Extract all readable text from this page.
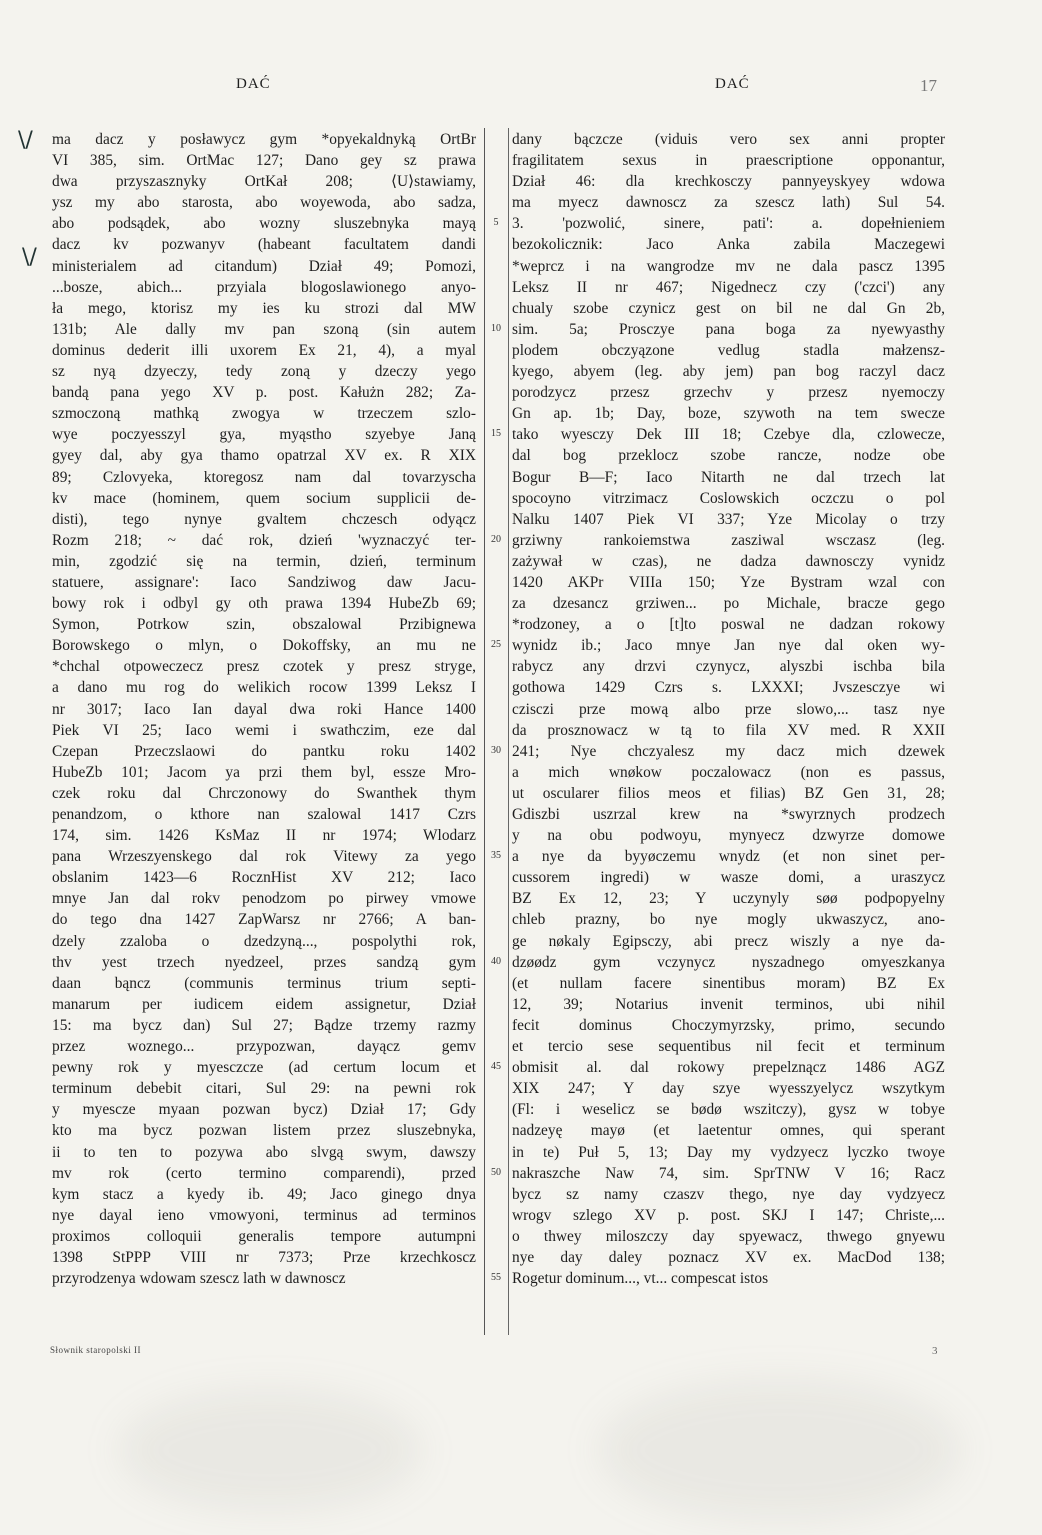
DAĆ	DAĆ	17
\/
\/
ma dacz y posławycz gym *opyekaldnyką OrtBr
VI 385, sim. OrtMac 127; Dano gey sz prawa
dwa przyszasznyky OrtKał 208; ⟨U⟩stawiamy,
ysz my abo starosta, abo woyewoda, abo sadza,
abo podsądek, abo wozny sluszebnyka mayą
dacz kv pozwanyv (habeant facultatem dandi
ministerialem ad citandum) Dział 49; Pomozi,
...bosze, abich... przyiala blogoslawionego anyo-
ła mego, ktorisz my ies ku strozi dal MW
131b; Ale dally mv pan szoną (sin autem
dominus dederit illi uxorem Ex 21, 4), a myal
sz nyą dzyeczy, tedy zoną y dzeczy yego
bandą pana yego XV p. post. Kałużn 282; Za-
szmoczoną mathką zwogya w trzeczem szlo-
wye poczyesszyl gya, myąstho szyebye Janą
gyey dal, aby gya thamo opatrzal XV ex. R XIX
89; Czlovyeka, ktoregosz nam dal tovarzyscha
kv mace (hominem, quem socium supplicii de-
disti), tego nynye gvaltem chczesch odyącz
Rozm 218; ~ dać rok, dzień 'wyznaczyć ter-
min, zgodzić się na termin, dzień, terminum
statuere, assignare': Iaco Sandziwog daw Jacu-
bowy rok i odbyl gy oth prawa 1394 HubeZb 69;
Symon, Potrkow szin, obszalowal Przibignewa
Borowskego o mlyn, o Dokoffsky, an mu ne
*chchal otpoweczecz presz czotek y presz stryge,
a dano mu rog do welikich rocow 1399 Leksz I
nr 3017; Iaco Ian dayal dwa roki Hance 1400
Piek VI 25; Iaco wemi i swathczim, eze dal
Czepan Przeczslaowi do pantku roku 1402
HubeZb 101; Jacom ya przi them byl, essze Mro-
czek roku dal Chrczonowy do Swanthek thym
penandzom, o kthore nan szalowal 1417 Czrs
174, sim. 1426 KsMaz II nr 1974; Wlodarz
pana Wrzeszyenskego dal rok Vitewy za yego
obslanim 1423—6 RocznHist XV 212; Iaco
mnye Jan dal rokv penodzom po pirwey vmowe
do tego dna 1427 ZapWarsz nr 2766; A ban-
dzely zzaloba o dzedzyną..., pospolythi rok,
thv yest trzech nyedzeel, przes sandzą gym
daan bąncz (communis terminus trium septi-
manarum per iudicem eidem assignetur, Dział
15: ma bycz dan) Sul 27; Bądze trzemy razmy
przez woznego... przypozwan, dayącz gemv
pewny rok y myesczcze (ad certum locum et
terminum debebit citari, Sul 29: na pewni rok
y myescze myaan pozwan bycz) Dział 17; Gdy
kto ma bycz pozwan listem przez sluszebnyka,
ii to ten to pozywa abo slvgą swym, dawszy
mv rok (certo termino comparendi), przed
kym stacz a kyedy ib. 49; Jaco ginego dnya
nye dayal ieno vmowyoni, terminus ad terminos
proximos colloquii generalis tempore autumpni
1398 StPPP VIII nr 7373; Prze krzechkoscz
przyrodzenya wdowam szescz lath w dawnoscz
5
10
15
20
25
30
35
40
45
50
55
dany bączcze (viduis vero sex anni propter
fragilitatem sexus in praescriptione opponantur,
Dział 46: dla krechkosczy pannyeyskyey wdowa
ma myecz dawnoscz za szescz lath) Sul 54.
3. 'pozwolić, sinere, pati': a. dopełnieniem
bezokolicznik: Jaco Anka zabila Maczegewi
*weprcz i na wangrodze mv ne dala pascz 1395
Leksz II nr 467; Nigedneсz czy ('czci') any
chualy szobe czynicz gest on bil ne dal Gn 2b,
sim. 5a; Prosczye pana boga za nyewyasthy
plodem obczyązone vedlug stadla małzensz-
kyego, abyem (leg. aby jem) pan bog raczyl dacz
porodzycz przesz grzechv y przesz nyemoczy
Gn ap. 1b; Day, boze, szywoth na tem swecze
tako wyesczy Dek III 18; Czebye dla, czlowecze,
dal bog przeklocz szobe rancze, nodze obe
Bogur B—F; Iaco Nitarth ne dal trzech lat
spocoyno vitrzimacz Coslowskich oczczu o pol
Nalku 1407 Piek VI 337; Yze Micolay o trzy
grziwny rankoiemstwa zasziwal wsczasz (leg.
zażywał w czas), ne dadza dawnosczy vynidz
1420 AKPr VIIIa 150; Yze Bystram wzal con
za dzesancz grziwen... po Michale, bracze gego
*rodzoney, a o [t]to poswal ne dadzan rokowy
wynidz ib.; Jaco mnye Jan nye dal oken wy-
rabycz any drzvi czynycz, alyszbi ischba bila
gothowa 1429 Czrs s. LXXXI; Jvszesczye wi
czisczi prze mową albo prze slowo,... tasz nye
da prosznowacz w tą to fila XV med. R XXII
241; Nye chczyalesz my dacz mich dzewek
a mich wnøkow poczalowacz (non es passus,
ut oscularer filios meos et filias) BZ Gen 31, 28;
Gdiszbi uszrzal krew na *swyrznych prodzech
y na obu podwoyu, mynyecz dzwyrze domowe
a nye da byyøczemu wnydz (et non sinet per-
cussorem ingredi) w wasze domi, a uraszycz
BZ Ex 12, 23; Y uczynyly søø podpopyelny
chleb prazny, bo nye mogly ukwaszycz, ano-
ge nøkaly Egipsczy, abi precz wiszly a nye da-
dzøødz gym vczynycz nyszadnego omyeszkanya
(et nullam facere sinentibus moram) BZ Ex
12, 39; Notarius invenit terminos, ubi nihil
fecit dominus Choczymyrzsky, primo, secundo
et tercio sese sequentibus nil fecit et terminum
obmisit al. dal rokowy prepelznącz 1486 AGZ
XIX 247; Y day szye wyesszyelycz wszytkym
(Fl: i weselicz se bødø wszitczy), gysz w tobye
nadzeyę mayø (et laetentur omnes, qui sperant
in te) Puł 5, 13; Day my vydzyecz lyczko twoye
nakraszche Naw 74, sim. SprTNW V 16; Racz
bycz sz namy czaszv thego, nye day vydzyecz
wrogv szlego XV p. post. SKJ I 147; Christe,...
o thwey miloszczy day spyewacz, thwego gnyewu
nye day daley poznacz XV ex. MacDod 138;
Rogetur dominum..., vt... compescat istos
Słownik staropolski II	3
